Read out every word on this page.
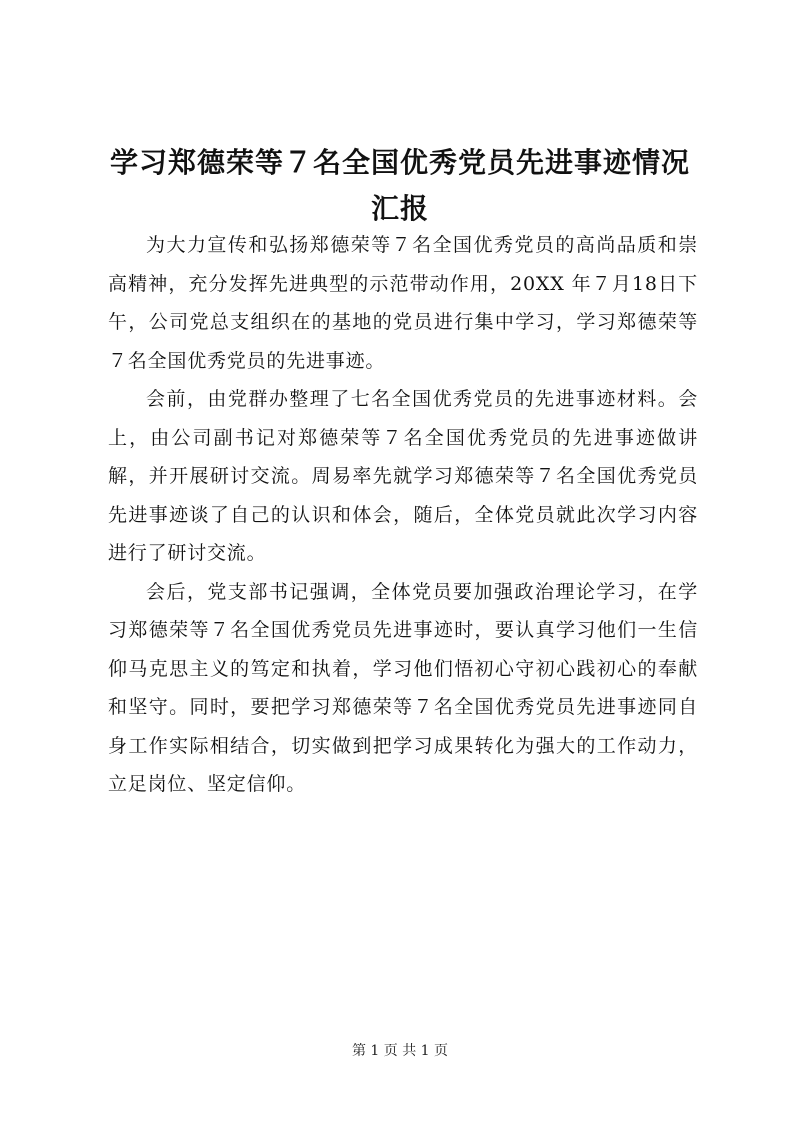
学习郑德荣等７名全国优秀党员先进事迹情况
汇报

为大力宣传和弘扬郑德荣等７名全国优秀党员的高尚品质和崇高精神，充分发挥先进典型的示范带动作用，20XX 年７月18日下午，公司党总支组织在的基地的党员进行集中学习，学习郑德荣等７名全国优秀党员的先进事迹。

会前，由党群办整理了七名全国优秀党员的先进事迹材料。会上，由公司副书记对郑德荣等７名全国优秀党员的先进事迹做讲解，并开展研讨交流。周易率先就学习郑德荣等７名全国优秀党员先进事迹谈了自己的认识和体会，随后，全体党员就此次学习内容进行了研讨交流。

会后，党支部书记强调，全体党员要加强政治理论学习，在学习郑德荣等７名全国优秀党员先进事迹时，要认真学习他们一生信仰马克思主义的笃定和执着，学习他们悟初心守初心践初心的奉献和坚守。同时，要把学习郑德荣等７名全国优秀党员先进事迹同自身工作实际相结合，切实做到把学习成果转化为强大的工作动力，立足岗位、坚定信仰。

第 1 页 共 1 页
